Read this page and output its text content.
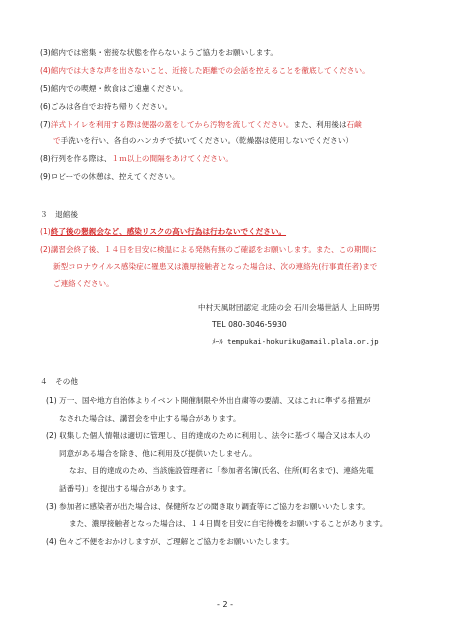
(3)館内では密集・密接な状態を作らないようご協力をお願いします。
(4)館内では大きな声を出さないこと、近接した距離での会話を控えることを徹底してください。
(5)館内での喫煙・飲食はご遠慮ください。
(6)ごみは各自でお持ち帰りください。
(7)洋式トイレを利用する際は便器の蓋をしてから汚物を流してください。また、利用後は石鹸
で手洗いを行い、各自のハンカチで拭いてください。（乾燥器は使用しないでください）
(8)行列を作る際は、１ｍ以上の間隔をあけてください。
(9)ロビーでの休憩は、控えてください。
３　退館後
(1)終了後の懇親会など、感染リスクの高い行為は行わないでください。
(2)講習会終了後、１４日を目安に検温による発熱有無のご確認をお願いします。また、この期間に
新型コロナウイルス感染症に罹患又は濃厚接触者となった場合は、次の連絡先(行事責任者)まで
ご連絡ください。
中村天風財団認定 北陸の会 石川会場世話人 上田時男
TEL 080-3046-5930
ﾒｰﾙ tempukai-hokuriku@amail.plala.or.jp
４　その他
(1) 万一、国や地方自治体よりイベント開催制限や外出自粛等の要請、又はこれに準ずる措置が
なされた場合は、講習会を中止する場合があります。
(2) 収集した個人情報は適切に管理し、目的達成のために利用し、法令に基づく場合又は本人の
同意がある場合を除き、他に利用及び提供いたしません。
なお、目的達成のため、当該施設管理者に「参加者名簿(氏名、住所(町名まで)、連絡先電
話番号)」を提出する場合があります。
(3) 参加者に感染者が出た場合は、保健所などの聞き取り調査等にご協力をお願いいたします。
また、濃厚接触者となった場合は、１４日間を目安に自宅待機をお願いすることがあります。
(4) 色々ご不便をおかけしますが、ご理解とご協力をお願いいたします。
- 2 -
